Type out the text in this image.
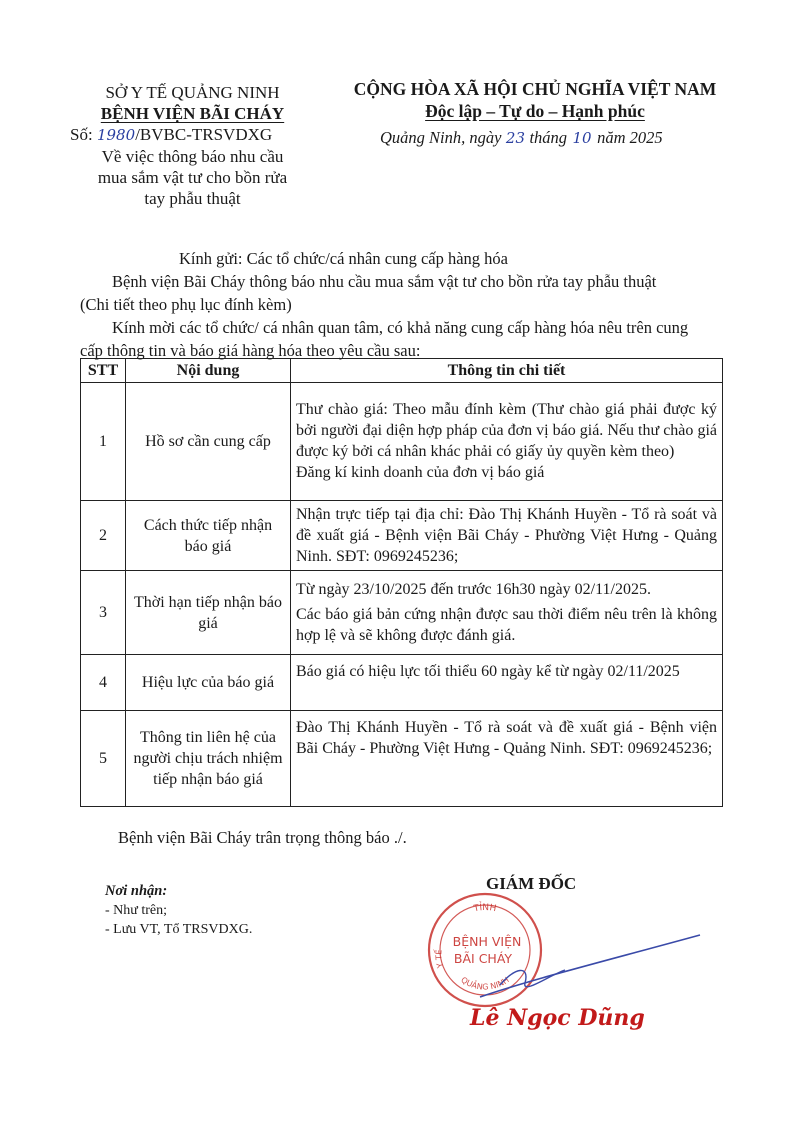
SỞ Y TẾ QUẢNG NINH
BỆNH VIỆN BÃI CHÁY
Số: 1980 /BVBC-TRSVDXG
Về việc thông báo nhu cầu
mua sắm vật tư cho bồn rửa
tay phẫu thuật
CỘNG HÒA XÃ HỘI CHỦ NGHĨA VIỆT NAM
Độc lập – Tự do – Hạnh phúc
Quảng Ninh, ngày 23 tháng 10 năm 2025
Kính gửi: Các tổ chức/cá nhân cung cấp hàng hóa
Bệnh viện Bãi Cháy thông báo nhu cầu mua sắm vật tư cho bồn rửa tay phẫu thuật
(Chi tiết theo phụ lục đính kèm)
Kính mời các tổ chức/ cá nhân quan tâm, có khả năng cung cấp hàng hóa nêu trên cung
cấp thông tin và báo giá hàng hóa theo yêu cầu sau:
STT	Nội dung	Thông tin chi tiết
1	Hồ sơ cần cung cấp	Thư chào giá: Theo mẫu đính kèm (Thư chào giá phải được ký bởi người đại diện hợp pháp của đơn vị báo giá. Nếu thư chào giá được ký bởi cá nhân khác phải có giấy ủy quyền kèm theo)
Đăng kí kinh doanh của đơn vị báo giá

2	Cách thức tiếp nhận báo giá	Nhận trực tiếp tại địa chỉ: Đào Thị Khánh Huyền - Tổ rà soát và đề xuất giá - Bệnh viện Bãi Cháy - Phường Việt Hưng - Quảng Ninh. SĐT: 0969245236;

3	Thời hạn tiếp nhận báo giá	Từ ngày 23/10/2025 đến trước 16h30 ngày 02/11/2025.
Các báo giá bản cứng nhận được sau thời điểm nêu trên là không hợp lệ và sẽ không được đánh giá.

4	Hiệu lực của báo giá	Báo giá có hiệu lực tối thiểu 60 ngày kể từ ngày 02/11/2025

5	Thông tin liên hệ của người chịu trách nhiệm tiếp nhận báo giá	Đào Thị Khánh Huyền - Tổ rà soát và đề xuất giá - Bệnh viện Bãi Cháy - Phường Việt Hưng - Quảng Ninh. SĐT: 0969245236;
Bệnh viện Bãi Cháy trân trọng thông báo ./.
Nơi nhận:
- Như trên;
- Lưu VT, Tổ TRSVDXG.
GIÁM ĐỐC
TỈNH
Y TẾ
QUẢNG NINH
BỆNH VIỆN
BÃI CHÁY
Lê Ngọc Dũng
